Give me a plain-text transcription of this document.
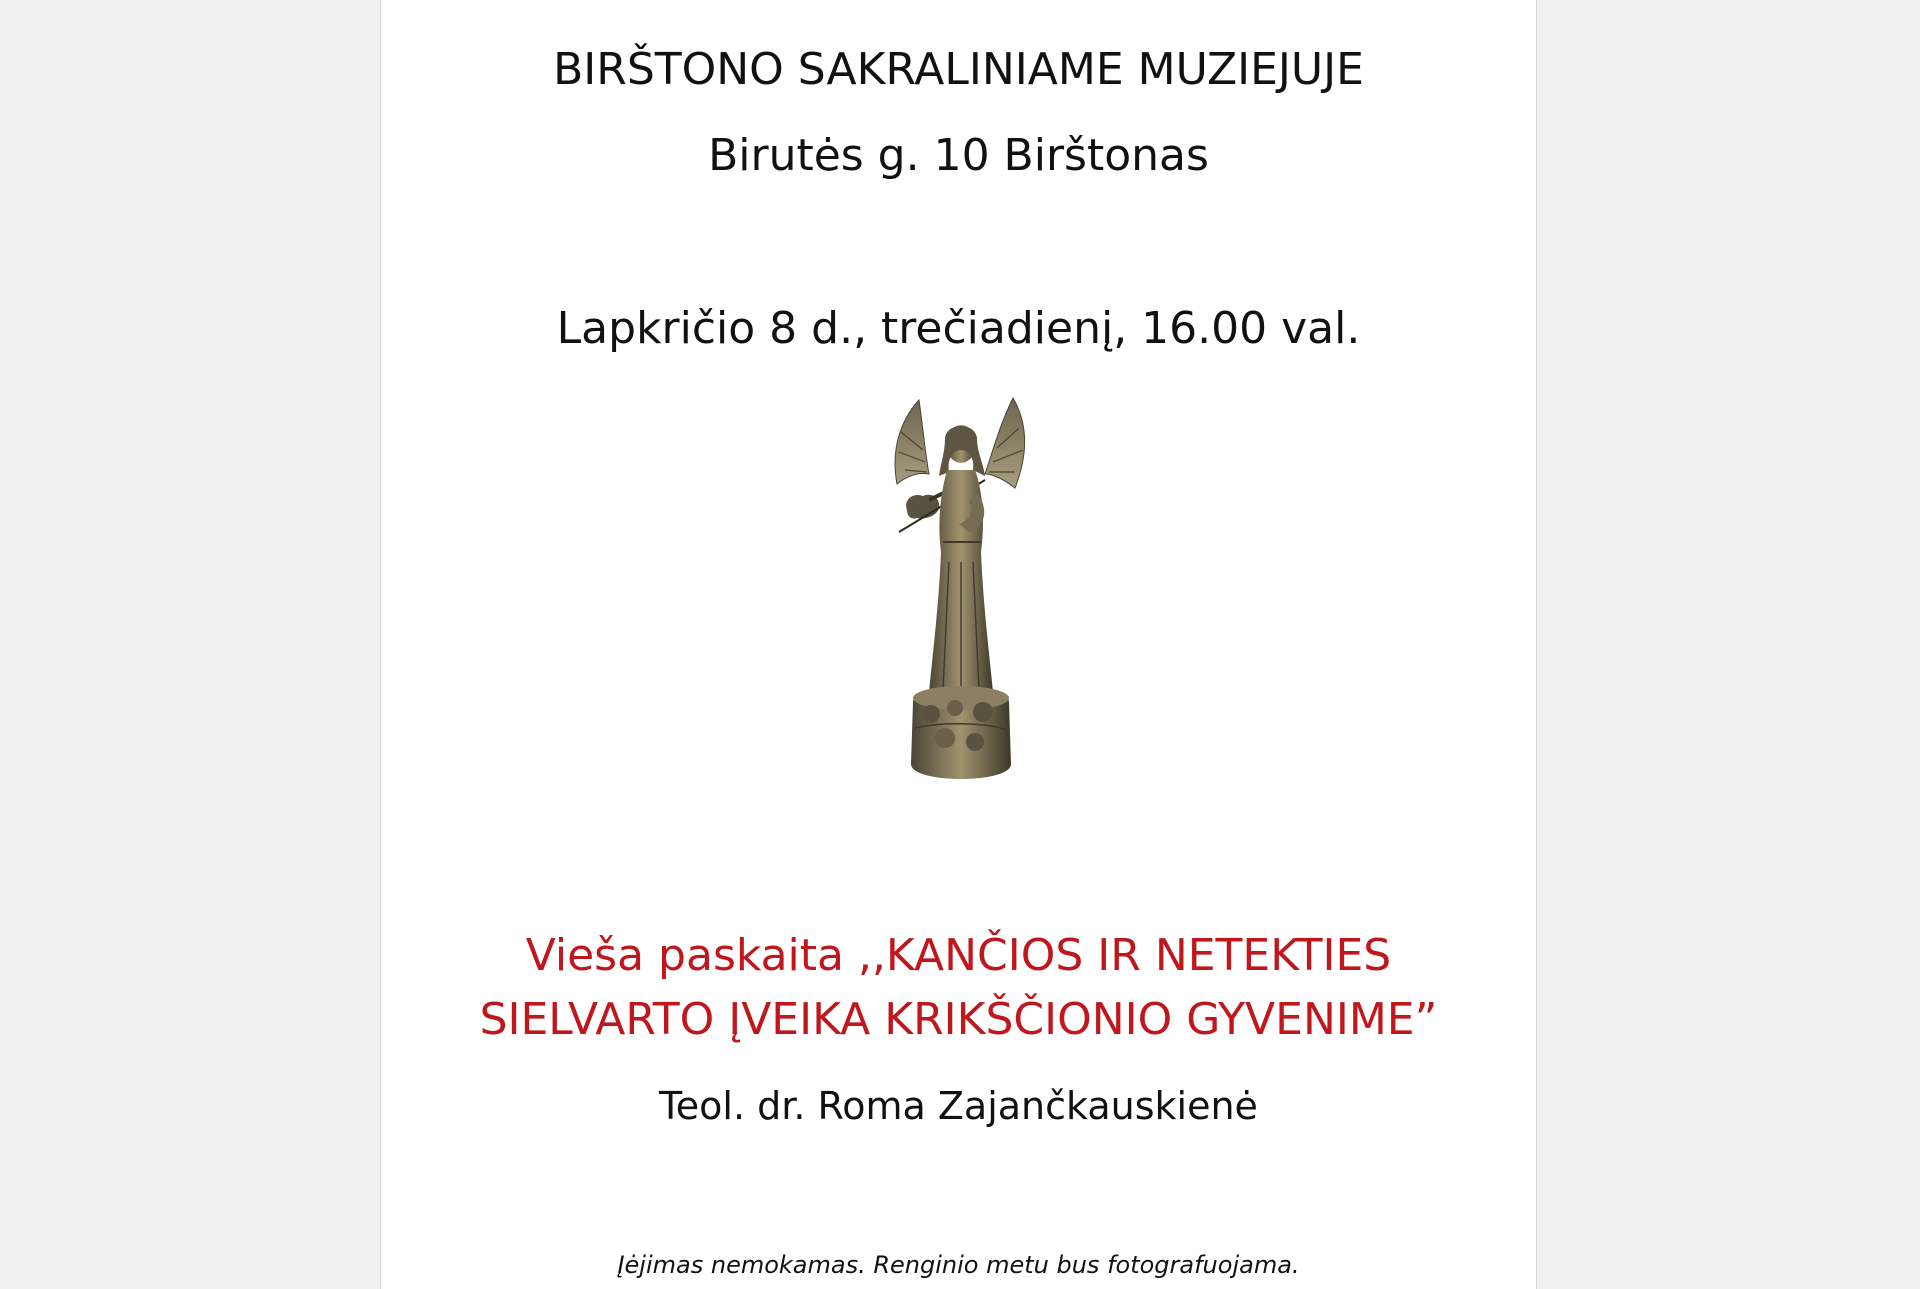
BIRŠTONO SAKRALINIAME MUZIEJUJE
Birutės g. 10 Birštonas
Lapkričio 8 d., trečiadienį, 16.00 val.
Vieša paskaita ,,KANČIOS IR NETEKTIES
SIELVARTO ĮVEIKA KRIKŠČIONIO GYVENIME”
Teol. dr. Roma Zajančkauskienė
Įėjimas nemokamas. Renginio metu bus fotografuojama.
